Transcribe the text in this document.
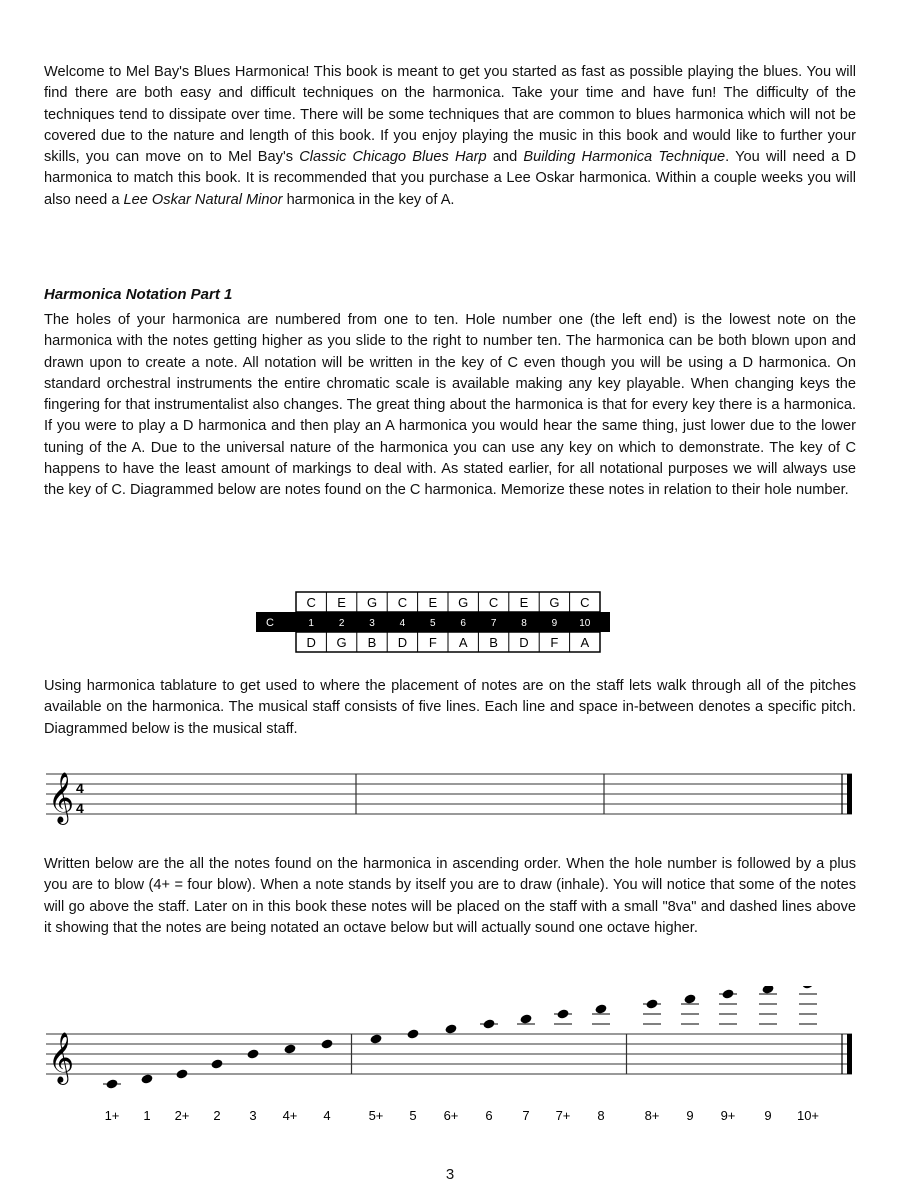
Welcome to Mel Bay's Blues Harmonica! This book is meant to get you started as fast as possible playing the blues. You will find there are both easy and difficult techniques on the harmonica. Take your time and have fun! The difficulty of the techniques tend to dissipate over time. There will be some techniques that are common to blues harmonica which will not be covered due to the nature and length of this book. If you enjoy playing the music in this book and would like to further your skills, you can move on to Mel Bay's Classic Chicago Blues Harp and Building Harmonica Technique. You will need a D harmonica to match this book. It is recommended that you purchase a Lee Oskar harmonica. Within a couple weeks you will also need a Lee Oskar Natural Minor harmonica in the key of A.

Harmonica Notation Part 1

The holes of your harmonica are numbered from one to ten. Hole number one (the left end) is the lowest note on the harmonica with the notes getting higher as you slide to the right to number ten. The harmonica can be both blown upon and drawn upon to create a note. All notation will be written in the key of C even though you will be using a D harmonica. On standard orchestral instruments the entire chromatic scale is available making any key playable. When changing keys the fingering for that instrumentalist also changes. The great thing about the harmonica is that for every key there is a harmonica. If you were to play a D harmonica and then play an A harmonica you would hear the same thing, just lower due to the lower tuning of the A. Due to the universal nature of the harmonica you can use any key on which to demonstrate. The key of C happens to have the least amount of markings to deal with. As stated earlier, for all notational purposes we will always use the key of C. Diagrammed below are notes found on the C harmonica. Memorize these notes in relation to their hole number.

C
C
1
D
E
2
G
G
3
B
C
4
D
E
5
F
G
6
A
C
7
B
E
8
D
G
9
F
C
10
A

Using harmonica tablature to get used to where the placement of notes are on the staff lets walk through all of the pitches available on the harmonica. The musical staff consists of five lines. Each line and space in-between denotes a specific pitch. Diagrammed below is the musical staff.

𝄞 4
4

Written below are the all the notes found on the harmonica in ascending order. When the hole number is followed by a plus you are to blow (4+ = four blow). When a note stands by itself you are to draw (inhale). You will notice that some of the notes will go above the staff. Later on in this book these notes will be placed on the staff with a small "8va" and dashed lines above it showing that the notes are being notated an octave below but will actually sound one octave higher.

𝄞
1+ 1 2+ 2 3 4+ 4	5+ 5 6+ 6 7 7+ 8	8+ 9 9+ 9 10+
3
